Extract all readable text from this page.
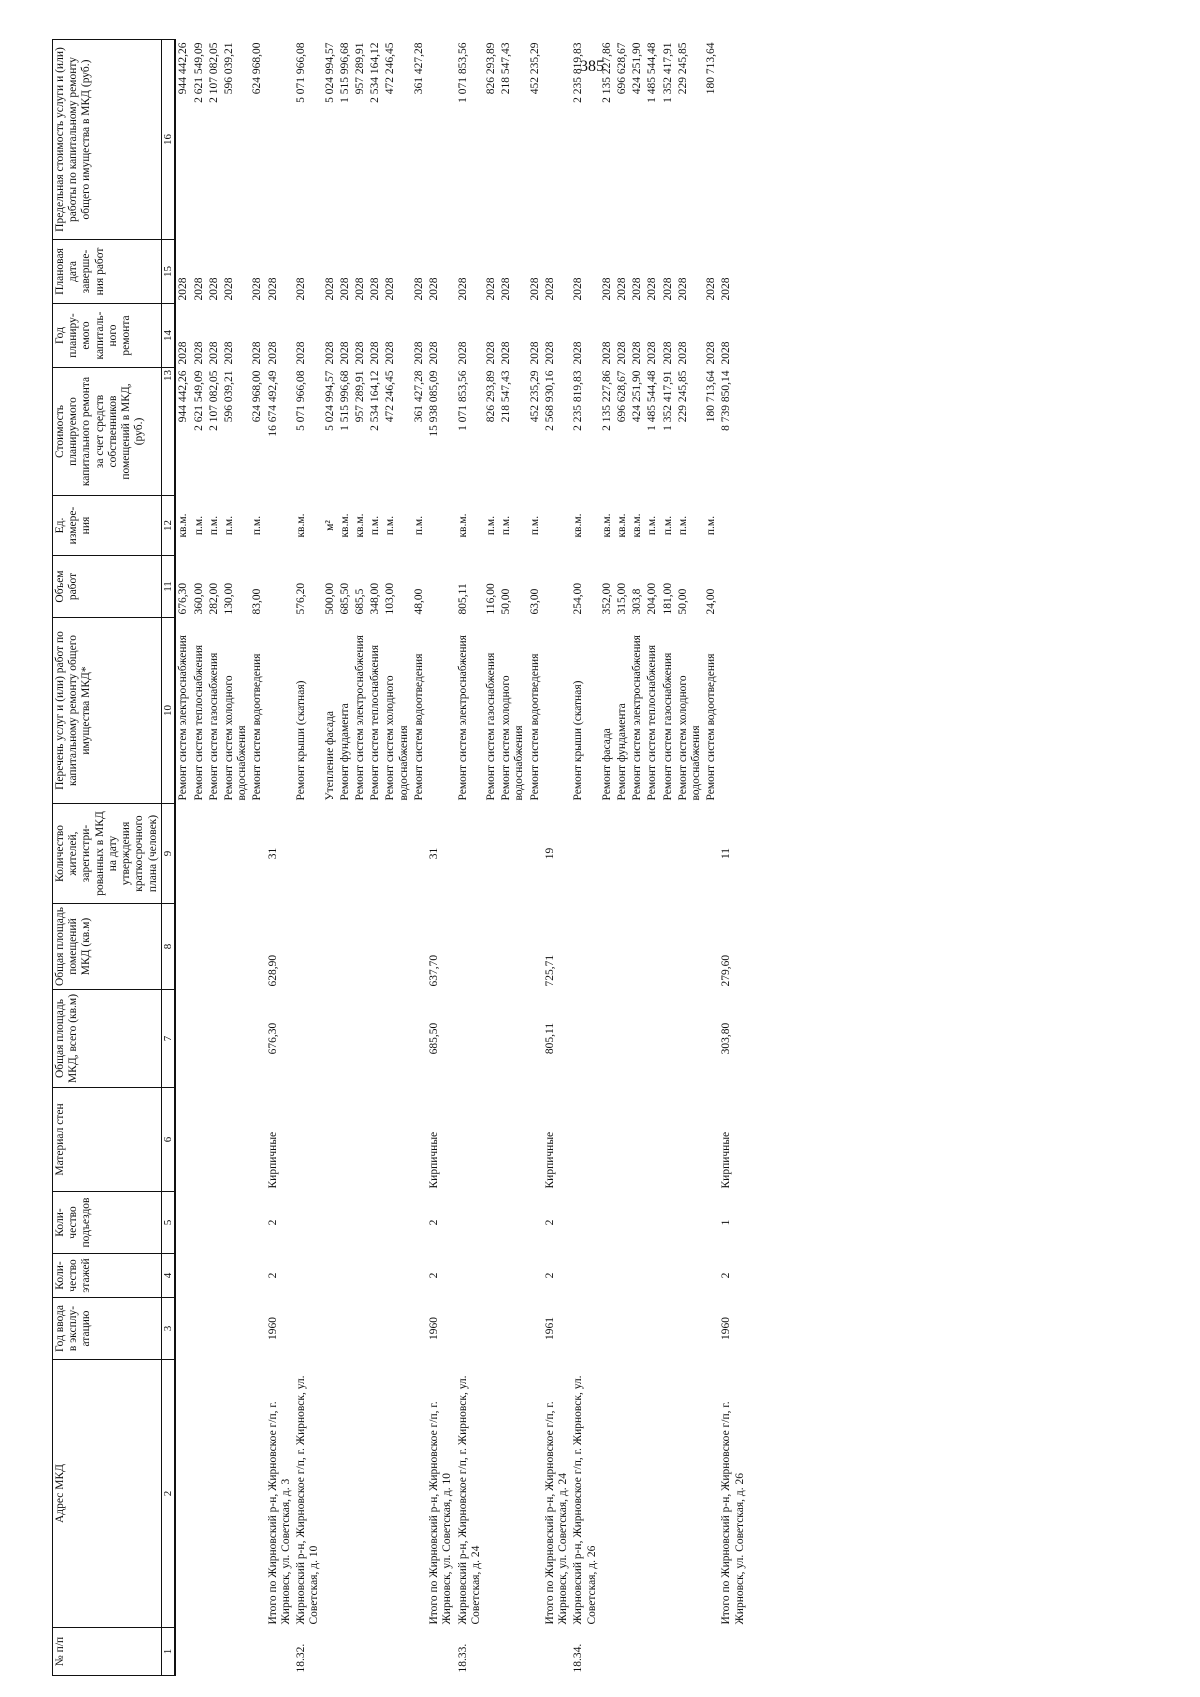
385
№ п/п	Адрес МКД	Год ввода в эксплу-атацию	Коли-чество этажей	Коли-чество подъездов	Материал стен	Общая площадь МКД, всего (кв.м)	Общая площадь помещений МКД (кв.м)	Количество жителей, зарегистри-рованных в МКД на дату утверждения краткосрочного плана (человек)	Перечень услуг и (или) работ по капитальному ремонту общего имущества МКД*	Объем работ	Ед. измере-ния	Стоимость планируемого капитального ремонта за счет средств собственников помещений в МКД, (руб.)	Год планиру-емого капиталь-ного ремонта	Плановая дата заверше-ния работ	Предельная стоимость услуги и (или) работы по капитальному ремонту общего имущества в МКД (руб.)
1	2	3	4	5	6	7	8	9	10	11	12	13	14	15	16
									Ремонт систем электроснабжения	676,30	кв.м.	944 442,26	2028	2028	944 442,26
									Ремонт систем теплоснабжения	360,00	п.м.	2 621 549,09	2028	2028	2 621 549,09
									Ремонт систем газоснабжения	282,00	п.м.	2 107 082,05	2028	2028	2 107 082,05
									Ремонт систем холодного водоснабжения	130,00	п.м.	596 039,21	2028	2028	596 039,21
									Ремонт систем водоотведения	83,00	п.м.	624 968,00	2028	2028	624 968,00
	Итого по Жирновский р-н, Жирновское г/п, г. Жирновск, ул. Советская, д. 3	1960	2	2	Кирпичные	676,30	628,90	31				16 674 492,49	2028	2028	
18.32.	Жирновский р-н, Жирновское г/п, г. Жирновск, ул. Советская, д. 10								Ремонт крыши (скатная)	576,20	кв.м.	5 071 966,08	2028	2028	5 071 966,08
									Утепление фасада	500,00	м²	5 024 994,57	2028	2028	5 024 994,57
									Ремонт фундамента	685,50	кв.м.	1 515 996,68	2028	2028	1 515 996,68
									Ремонт систем электроснабжения	685,5	кв.м.	957 289,91	2028	2028	957 289,91
									Ремонт систем теплоснабжения	348,00	п.м.	2 534 164,12	2028	2028	2 534 164,12
									Ремонт систем холодного водоснабжения	103,00	п.м.	472 246,45	2028	2028	472 246,45
									Ремонт систем водоотведения	48,00	п.м.	361 427,28	2028	2028	361 427,28
	Итого по Жирновский р-н, Жирновское г/п, г. Жирновск, ул. Советская, д. 10	1960	2	2	Кирпичные	685,50	637,70	31				15 938 085,09	2028	2028	
18.33.	Жирновский р-н, Жирновское г/п, г. Жирновск, ул. Советская, д. 24								Ремонт систем электроснабжения	805,11	кв.м.	1 071 853,56	2028	2028	1 071 853,56
									Ремонт систем газоснабжения	116,00	п.м.	826 293,89	2028	2028	826 293,89
									Ремонт систем холодного водоснабжения	50,00	п.м.	218 547,43	2028	2028	218 547,43
									Ремонт систем водоотведения	63,00	п.м.	452 235,29	2028	2028	452 235,29
	Итого по Жирновский р-н, Жирновское г/п, г. Жирновск, ул. Советская, д. 24	1961	2	2	Кирпичные	805,11	725,71	19				2 568 930,16	2028	2028	
18.34.	Жирновский р-н, Жирновское г/п, г. Жирновск, ул. Советская, д. 26								Ремонт крыши (скатная)	254,00	кв.м.	2 235 819,83	2028	2028	2 235 819,83
									Ремонт фасада	352,00	кв.м.	2 135 227,86	2028	2028	2 135 227,86
									Ремонт фундамента	315,00	кв.м.	696 628,67	2028	2028	696 628,67
									Ремонт систем электроснабжения	303,8	кв.м.	424 251,90	2028	2028	424 251,90
									Ремонт систем теплоснабжения	204,00	п.м.	1 485 544,48	2028	2028	1 485 544,48
									Ремонт систем газоснабжения	181,00	п.м.	1 352 417,91	2028	2028	1 352 417,91
									Ремонт систем холодного водоснабжения	50,00	п.м.	229 245,85	2028	2028	229 245,85
									Ремонт систем водоотведения	24,00	п.м.	180 713,64	2028	2028	180 713,64
	Итого по Жирновский р-н, Жирновское г/п, г. Жирновск, ул. Советская, д. 26	1960	2	1	Кирпичные	303,80	279,60	11				8 739 850,14	2028	2028	
